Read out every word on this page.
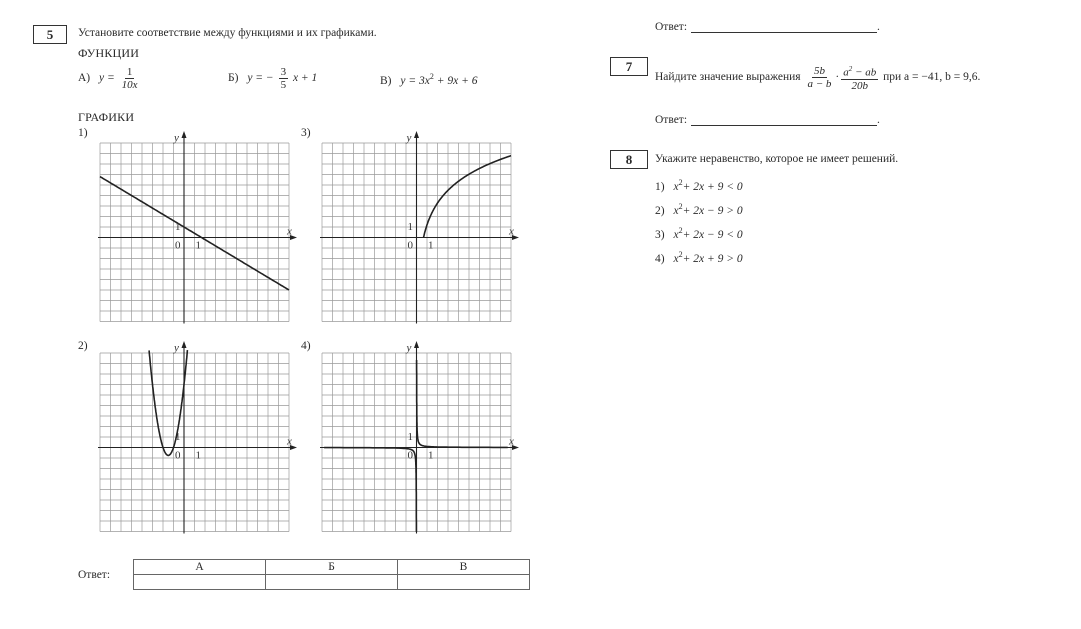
5	Установите соответствие между функциями и их графиками.
ФУНКЦИИ
А) $y = \frac{1}{10x}$	Б) y = − $\frac{3}{5}$ x + 1	В) $y = 3x^2 + 9x + 6$
ГРАФИКИ
1)	3)
2)	4)
y
x
0 1
1
y
x
0 1
1
y
x
0 1
1
y
x
0 1
1
Ответ:
А	Б	В

Ответ:	.
7
Найдите значение выражения $\frac{5b}{a - b} \cdot \frac{a^2 - ab}{20b}$ при a = −41, b = 9,6.
Ответ:	.
8	Укажите неравенство, которое не имеет решений.
1) $x^2+ 2x + 9 < 0$
2) $x^2+ 2x - 9 > 0$
3) $x^2+ 2x - 9 < 0$
4) $x^2+ 2x + 9 > 0$
